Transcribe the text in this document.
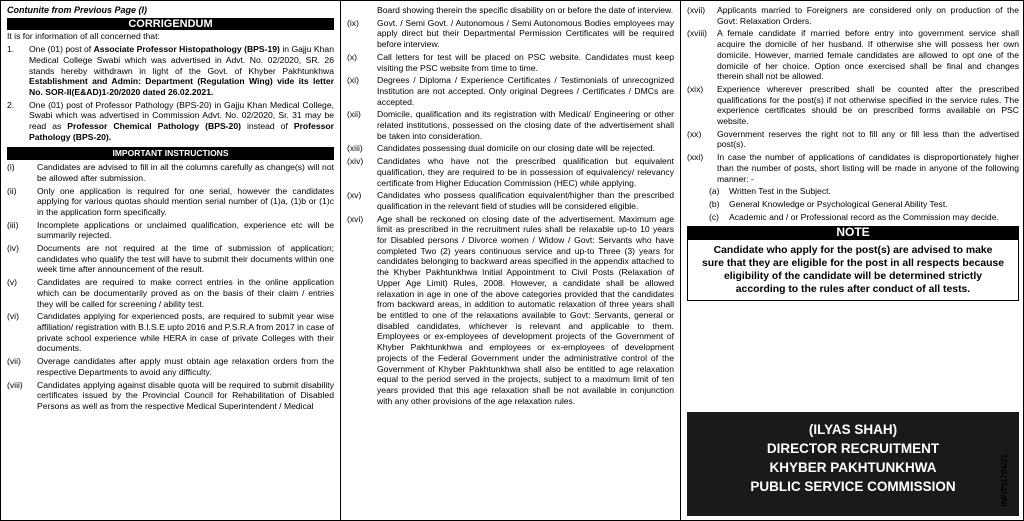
Contunite from Previous Page (I)
CORRIGENDUM
It is for information of all concerned that:
1.	One (01) post of Associate Professor Histopathology (BPS-19) in Gajju Khan Medical College Swabi which was advertised in Advt. No. 02/2020, SR. 26 stands hereby withdrawn in light of the Govt. of Khyber Pakhtunkhwa Establishment and Admin: Department (Regulation Wing) vide its letter No. SOR-II(E&AD)1-20/2020 dated 26.02.2021.
2.	One (01) post of Professor Pathology (BPS-20) in Gajju Khan Medical College, Swabi which was advertised in Commission Advt. No. 02/2020, Sr. 31 may be read as Professor Chemical Pathology (BPS-20) instead of Professor Pathology (BPS-20).
IMPORTANT INSTRUCTIONS
(i)	Candidates are advised to fill in all the columns carefully as change(s) will not be allowed after submission.
(ii)	Only one application is required for one serial, however the candidates applying for various quotas should mention serial number of (1)a, (1)b or (1)c in the application form specifically.
(iii)	Incomplete applications or unclaimed qualification, experience etc will be summarily rejected.
(iv)	Documents are not required at the time of submission of application; candidates who qualify the test will have to submit their documents within one week time after announcement of the result.
(v)	Candidates are required to make correct entries in the online application which can be documentarily proved as on the basis of their claim / entries they will be called for screening / ability test.
(vi)	Candidates applying for experienced posts, are required to submit year wise affiliation/ registration with B.I.S.E upto 2016 and P.S.R.A from 2017 in case of private school experience while HERA in case of private Colleges with their documents.
(vii)	Overage candidates after apply must obtain age relaxation orders from the respective Departments to avoid any difficulty.
(viii)	Candidates applying against disable quota will be required to submit disability certificates issued by the Provincial Council for Rehabilitation of Disabled Persons as well as from the respective Medical Superintendent / Medical
Board showing therein the specific disability on or before the date of interview.
(ix)	Govt. / Semi Govt. / Autonomous / Semi Autonomous Bodies employees may apply direct but their Departmental Permission Certificates will be required before interview.
(x)	Call letters for test will be placed on PSC website. Candidates must keep visiting the PSC website from time to time.
(xi)	Degrees / Diploma / Experience Certificates / Testimonials of unrecognized Institution are not accepted. Only original Degrees / Certificates / DMCs are accepted.
(xii)	Domicile, qualification and its registration with Medical/ Engineering or other related institutions, possessed on the closing date of the advertisement shall be taken into consideration.
(xiii)	Candidates possessing dual domicile on our closing date will be rejected.
(xiv)	Candidates who have not the prescribed qualification but equivalent qualification, they are required to be in possession of equivalency/ relevancy certificate from Higher Education Commission (HEC) while applying.
(xv)	Candidates who possess qualification equivalent/higher than the prescribed qualification in the relevant field of studies will be considered eligible.
(xvi)	Age shall be reckoned on closing date of the advertisement. Maximum age limit as prescribed in the recruitment rules shall be relaxable up-to 10 years for Disabled persons / Divorce women / Widow / Govt: Servants who have completed Two (2) years continuous service and up-to Three (3) years for candidates belonging to backward areas specified in the appendix attached to the Khyber Pakhtunkhwa Initial Appointment to Civil Posts (Relaxation of Upper Age Limit) Rules, 2008. However, a candidate shall be allowed relaxation in age in one of the above categories provided that the candidates from backward areas, in addition to automatic relaxation of three years shall be entitled to one of the relaxations available to Govt: Servants, general or disabled candidates, whichever is relevant and applicable to them. Employees or ex-employees of development projects of the Government of Khyber Pakhtunkhwa and employees or ex-employees of development projects of the Federal Government under the administrative control of the Government of Khyber Pakhtunkhwa shall also be entitled to age relaxation equal to the period served in the projects, subject to a maximum limit of ten years provided that this age relaxation shall be not available in conjunction with any other provisions of the age relaxation rules.
(xvii)	Applicants married to Foreigners are considered only on production of the Govt: Relaxation Orders.
(xviii)	A female candidate if married before entry into government service shall acquire the domicile of her husband. If otherwise she will possess her own domicile. However, married female candidates are allowed to opt one of the domicile of her choice. Option once exercised shall be final and changes therein shall not be allowed.
(xix)	Experience wherever prescribed shall be counted after the prescribed qualifications for the post(s) if not otherwise specified in the service rules. The experience certificates should be on prescribed forms available on PSC website.
(xx)	Government reserves the right not to fill any or fill less than the advertised post(s).
(xxi)	In case the number of applications of candidates is disproportionately higher than the number of posts, short listing will be made in anyone of the following manner: -
(a)	Written Test in the Subject.
(b)	General Knowledge or Psychological General Ability Test.
(c)	Academic and / or Professional record as the Commission may decide.
NOTE
Candidate who apply for the post(s) are advised to make sure that they are eligible for the post in all respects because eligibility of the candidate will be determined strictly according to the rules after conduct of all tests.
(ILYAS SHAH)
DIRECTOR RECRUITMENT
KHYBER PAKHTUNKHWA
PUBLIC SERVICE COMMISSION	INF(P)1784/21
